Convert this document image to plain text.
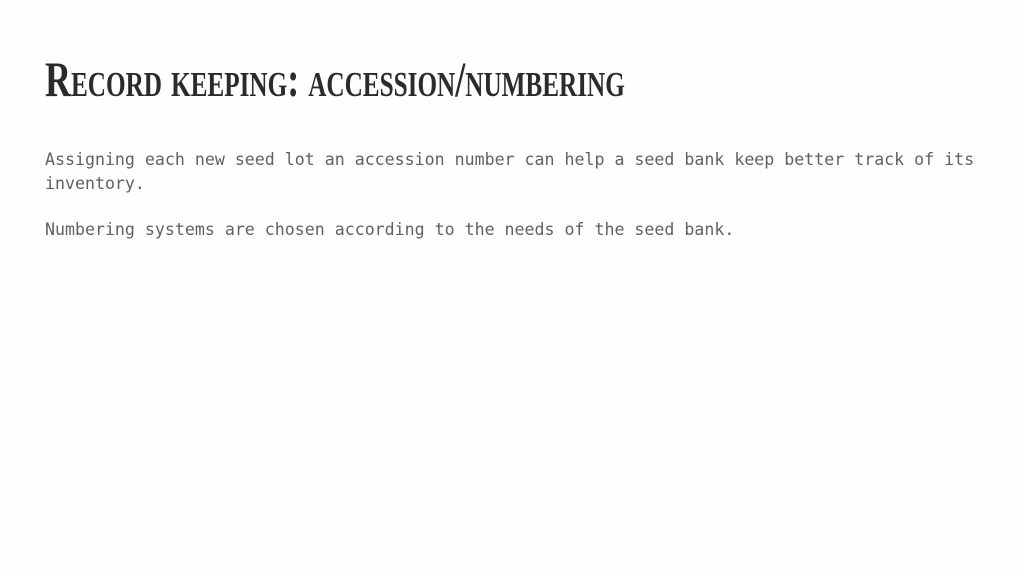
Record keeping: accession/numbering

Assigning each new seed lot an accession number can help a seed bank keep better track of its inventory.

Numbering systems are chosen according to the needs of the seed bank.
